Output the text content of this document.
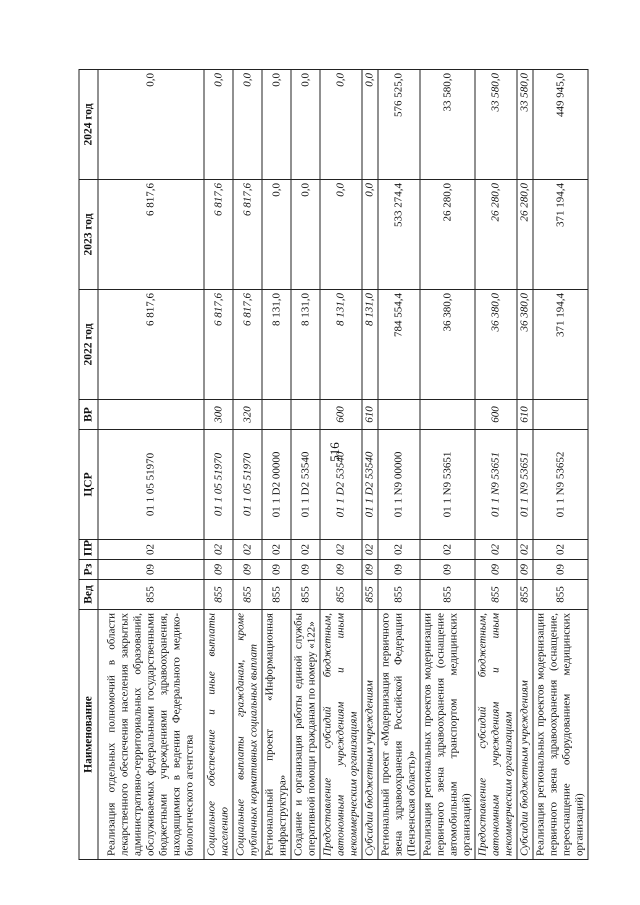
516
Наименование	Вед	Рз	ПР	ЦСР	ВР	2022 год	2023 год	2024 год
Реализация отдельных полномочий в области лекарственного обеспечения населения закрытых административно-территориальных образований, обслуживаемых федеральными государственными бюджетными учреждениями здравоохранения, находящимися в ведении Федерального медико-биологического агентства	855	09	02	01 1 05 51970		6 817,6	6 817,6	0,0
Социальное обеспечение и иные выплаты населению	855	09	02	01 1 05 51970	300	6 817,6	6 817,6	0,0
Социальные выплаты гражданам, кроме публичных нормативных социальных выплат	855	09	02	01 1 05 51970	320	6 817,6	6 817,6	0,0
Региональный проект «Информационная инфраструктура»	855	09	02	01 1 D2 00000		8 131,0	0,0	0,0
Создание и организация работы единой службы оперативной помощи гражданам по номеру «122»	855	09	02	01 1 D2 53540		8 131,0	0,0	0,0
Предоставление субсидий бюджетным, автономным учреждениям и иным некоммерческим организациям	855	09	02	01 1 D2 53540	600	8 131,0	0,0	0,0
Субсидии бюджетным учреждениям	855	09	02	01 1 D2 53540	610	8 131,0	0,0	0,0
Региональный проект «Модернизация первичного звена здравоохранения Российской Федерации (Пензенская область)»	855	09	02	01 1 N9 00000		784 554,4	533 274,4	576 525,0
Реализация региональных проектов модернизации первичного звена здравоохранения (оснащение автомобильным транспортом медицинских организаций)	855	09	02	01 1 N9 53651		36 380,0	26 280,0	33 580,0
Предоставление субсидий бюджетным, автономным учреждениям и иным некоммерческим организациям	855	09	02	01 1 N9 53651	600	36 380,0	26 280,0	33 580,0
Субсидии бюджетным учреждениям	855	09	02	01 1 N9 53651	610	36 380,0	26 280,0	33 580,0
Реализация региональных проектов модернизации первичного звена здравоохранения (оснащение, переоснащение оборудованием медицинских организаций)	855	09	02	01 1 N9 53652		371 194,4	371 194,4	449 945,0
